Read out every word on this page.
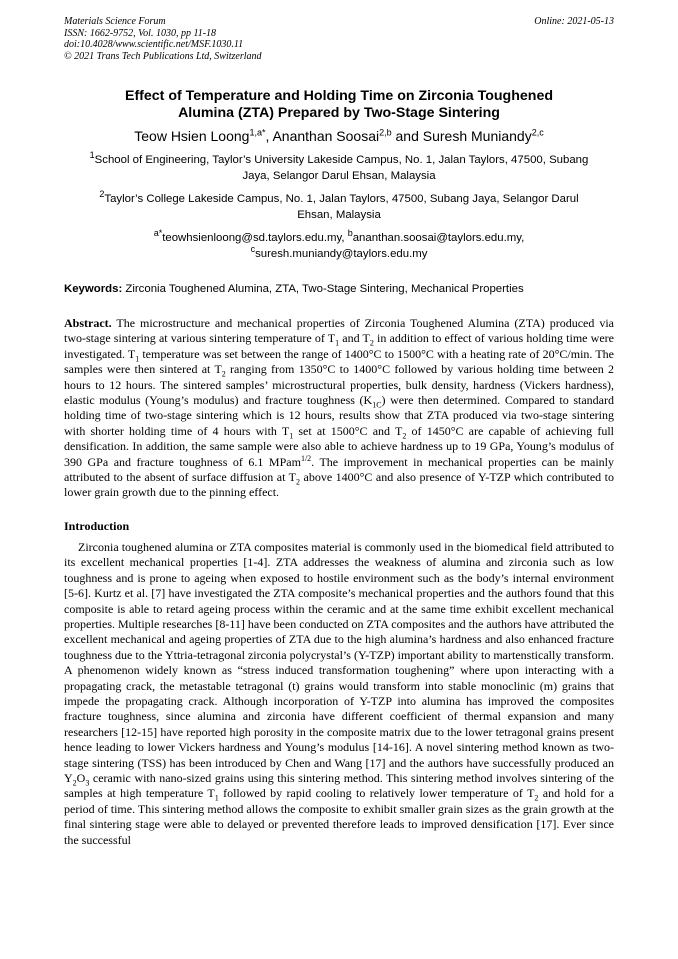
Materials Science Forum
ISSN: 1662-9752, Vol. 1030, pp 11-18
doi:10.4028/www.scientific.net/MSF.1030.11
© 2021 Trans Tech Publications Ltd, Switzerland
Online: 2021-05-13
Effect of Temperature and Holding Time on Zirconia Toughened
Alumina (ZTA) Prepared by Two-Stage Sintering
Teow Hsien Loong$^{1,a*}$, Ananthan Soosai$^{2,b}$ and Suresh Muniandy$^{2,c}$
$^1$School of Engineering, Taylor’s University Lakeside Campus, No. 1, Jalan Taylors, 47500, Subang Jaya, Selangor Darul Ehsan, Malaysia
$^2$Taylor’s College Lakeside Campus, No. 1, Jalan Taylors, 47500, Subang Jaya, Selangor Darul Ehsan, Malaysia
$^{a*}$teowhsienloong@sd.taylors.edu.my, $^b$ananthan.soosai@taylors.edu.my,
$^c$suresh.muniandy@taylors.edu.my
Keywords: Zirconia Toughened Alumina, ZTA, Two-Stage Sintering, Mechanical Properties
Abstract. The microstructure and mechanical properties of Zirconia Toughened Alumina (ZTA) produced via two-stage sintering at various sintering temperature of $T_1$ and $T_2$ in addition to effect of various holding time were investigated. $T_1$ temperature was set between the range of 1400°C to 1500°C with a heating rate of 20°C/min. The samples were then sintered at $T_2$ ranging from 1350°C to 1400°C followed by various holding time between 2 hours to 12 hours. The sintered samples’ microstructural properties, bulk density, hardness (Vickers hardness), elastic modulus (Young’s modulus) and fracture toughness $(K_{1C})$ were then determined. Compared to standard holding time of two-stage sintering which is 12 hours, results show that ZTA produced via two-stage sintering with shorter holding time of 4 hours with $T_1$ set at 1500°C and $T_2$ of 1450°C are capable of achieving full densification. In addition, the same sample were also able to achieve hardness up to 19 GPa, Young’s modulus of 390 GPa and fracture toughness of 6.1 MPam$^{1/2}$. The improvement in mechanical properties can be mainly attributed to the absent of surface diffusion at $T_2$ above 1400°C and also presence of Y-TZP which contributed to lower grain growth due to the pinning effect.
Introduction
Zirconia toughened alumina or ZTA composites material is commonly used in the biomedical field attributed to its excellent mechanical properties [1-4]. ZTA addresses the weakness of alumina and zirconia such as low toughness and is prone to ageing when exposed to hostile environment such as the body’s internal environment [5-6]. Kurtz et al. [7] have investigated the ZTA composite’s mechanical properties and the authors found that this composite is able to retard ageing process within the ceramic and at the same time exhibit excellent mechanical properties. Multiple researches [8-11] have been conducted on ZTA composites and the authors have attributed the excellent mechanical and ageing properties of ZTA due to the high alumina’s hardness and also enhanced fracture toughness due to the Yttria-tetragonal zirconia polycrystal’s (Y-TZP) important ability to martenstically transform. A phenomenon widely known as “stress induced transformation toughening” where upon interacting with a propagating crack, the metastable tetragonal (t) grains would transform into stable monoclinic (m) grains that impede the propagating crack. Although incorporation of Y-TZP into alumina has improved the composites fracture toughness, since alumina and zirconia have different coefficient of thermal expansion and many researchers [12-15] have reported high porosity in the composite matrix due to the lower tetragonal grains present hence leading to lower Vickers hardness and Young’s modulus [14-16]. A novel sintering method known as two-stage sintering (TSS) has been introduced by Chen and Wang [17] and the authors have successfully produced an $Y_2O_3$ ceramic with nano-sized grains using this sintering method. This sintering method involves sintering of the samples at high temperature $T_1$ followed by rapid cooling to relatively lower temperature of $T_2$ and hold for a period of time. This sintering method allows the composite to exhibit smaller grain sizes as the grain growth at the final sintering stage were able to delayed or prevented therefore leads to improved densification [17]. Ever since the successful
